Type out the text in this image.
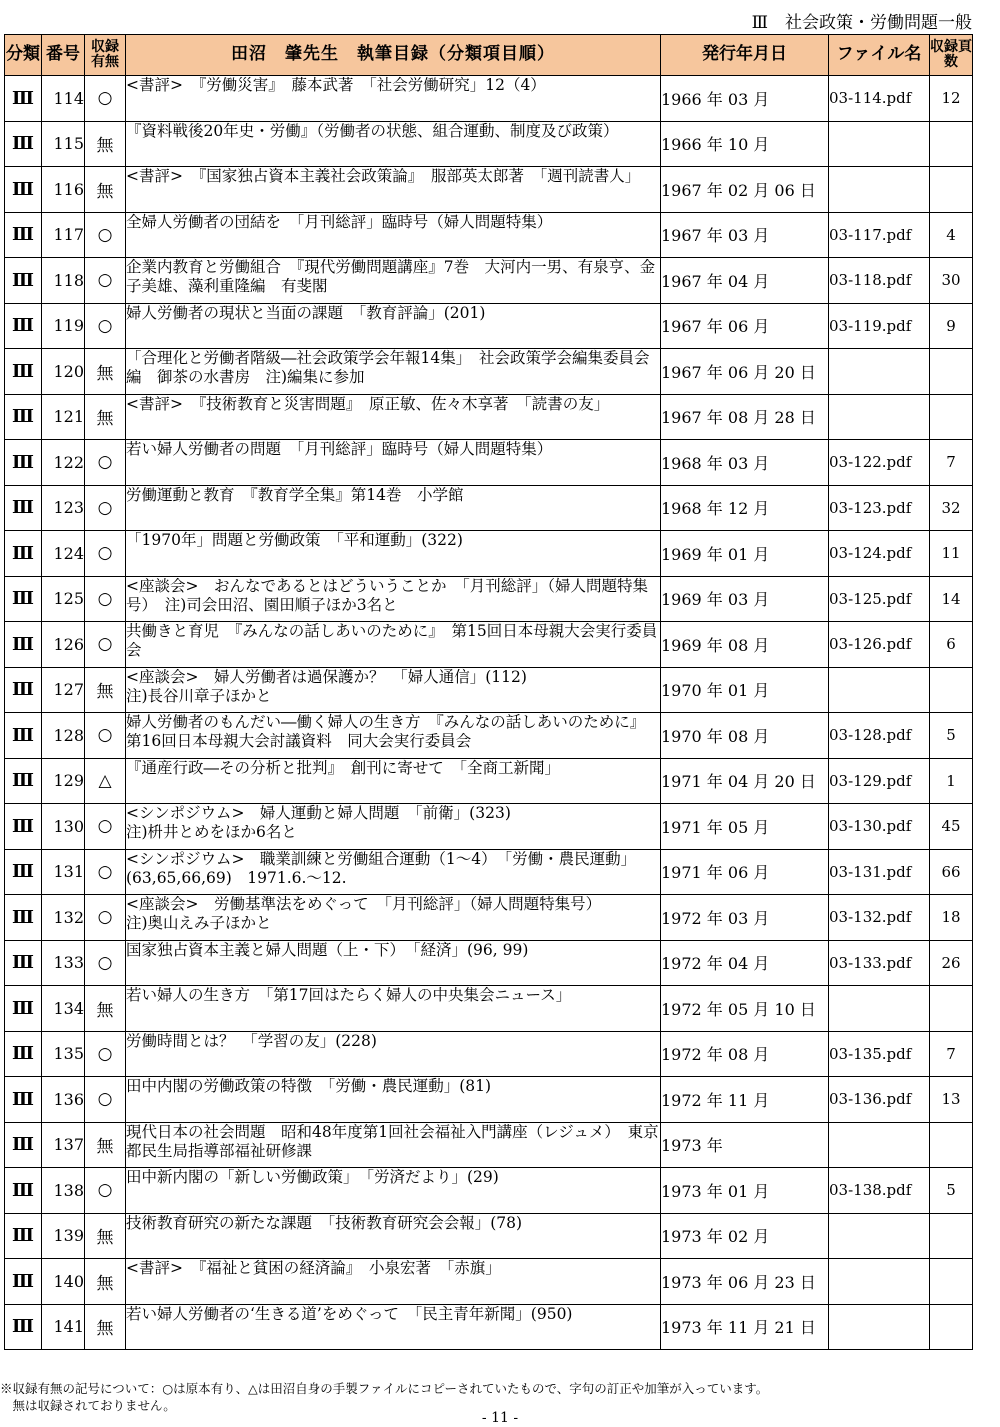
Ⅲ　社会政策・労働問題一般
分類	番号	収録有無	田沼　肇先生　執筆目録（分類項目順）	発行年月日	ファイル名	収録頁数
Ⅲ	114	○	<書評>　『労働災害』　藤本武著　「社会労働研究」12（4）	1966 年 03 月	03-114.pdf	12
Ⅲ	115	無	『資料戦後20年史・労働』（労働者の状態、組合運動、制度及び政策）	1966 年 10 月		
Ⅲ	116	無	<書評>　『国家独占資本主義社会政策論』　服部英太郎著　「週刊読書人」	1967 年 02 月 06 日		
Ⅲ	117	○	全婦人労働者の団結を　「月刊総評」臨時号（婦人問題特集）	1967 年 03 月	03-117.pdf	4
Ⅲ	118	○	企業内教育と労働組合　『現代労働問題講座』7巻　大河内一男、有泉亨、金子美雄、藻利重隆編　有斐閣	1967 年 04 月	03-118.pdf	30
Ⅲ	119	○	婦人労働者の現状と当面の課題　「教育評論」(201)	1967 年 06 月	03-119.pdf	9
Ⅲ	120	無	「合理化と労働者階級―社会政策学会年報14集」　社会政策学会編集委員会編　御茶の水書房　注)編集に参加	1967 年 06 月 20 日		
Ⅲ	121	無	<書評>　『技術教育と災害問題』　原正敏、佐々木享著　「読書の友」	1967 年 08 月 28 日		
Ⅲ	122	○	若い婦人労働者の問題　「月刊総評」臨時号（婦人問題特集）	1968 年 03 月	03-122.pdf	7
Ⅲ	123	○	労働運動と教育　『教育学全集』第14巻　小学館	1968 年 12 月	03-123.pdf	32
Ⅲ	124	○	「1970年」問題と労働政策　「平和運動」(322)	1969 年 01 月	03-124.pdf	11
Ⅲ	125	○	<座談会>　おんなであるとはどういうことか　「月刊総評」（婦人問題特集号）　注)司会田沼、園田順子ほか3名と	1969 年 03 月	03-125.pdf	14
Ⅲ	126	○	共働きと育児　『みんなの話しあいのために』　第15回日本母親大会実行委員会	1969 年 08 月	03-126.pdf	6
Ⅲ	127	無	<座談会>　婦人労働者は過保護か？　「婦人通信」(112)
注)長谷川章子ほかと	1970 年 01 月		
Ⅲ	128	○	婦人労働者のもんだい―働く婦人の生き方　『みんなの話しあいのために』　第16回日本母親大会討議資料　同大会実行委員会	1970 年 08 月	03-128.pdf	5
Ⅲ	129	△	『通産行政―その分析と批判』　創刊に寄せて　「全商工新聞」	1971 年 04 月 20 日	03-129.pdf	1
Ⅲ	130	○	<シンポジウム>　婦人運動と婦人問題　「前衛」(323)
注)枡井とめをほか6名と	1971 年 05 月	03-130.pdf	45
Ⅲ	131	○	<シンポジウム>　職業訓練と労働組合運動（1～4）　「労働・農民運動」(63,65,66,69)　1971.6.～12.	1971 年 06 月	03-131.pdf	66
Ⅲ	132	○	<座談会>　労働基準法をめぐって　「月刊総評」（婦人問題特集号）
注)奥山えみ子ほかと	1972 年 03 月	03-132.pdf	18
Ⅲ	133	○	国家独占資本主義と婦人問題（上・下）　「経済」(96, 99)	1972 年 04 月	03-133.pdf	26
Ⅲ	134	無	若い婦人の生き方　「第17回はたらく婦人の中央集会ニュース」	1972 年 05 月 10 日		
Ⅲ	135	○	労働時間とは？　「学習の友」(228)	1972 年 08 月	03-135.pdf	7
Ⅲ	136	○	田中内閣の労働政策の特徴　「労働・農民運動」(81)	1972 年 11 月	03-136.pdf	13
Ⅲ	137	無	現代日本の社会問題　昭和48年度第1回社会福祉入門講座（レジュメ）　東京都民生局指導部福祉研修課	1973 年		
Ⅲ	138	○	田中新内閣の「新しい労働政策」　「労済だより」(29)	1973 年 01 月	03-138.pdf	5
Ⅲ	139	無	技術教育研究の新たな課題　「技術教育研究会会報」(78)	1973 年 02 月		
Ⅲ	140	無	<書評>　『福祉と貧困の経済論』　小泉宏著　「赤旗」	1973 年 06 月 23 日		
Ⅲ	141	無	若い婦人労働者の‘生きる道’をめぐって　「民主青年新聞」(950)	1973 年 11 月 21 日		
※収録有無の記号について：○は原本有り、△は田沼自身の手製ファイルにコピーされていたもので、字句の訂正や加筆が入っています。
　無は収録されておりません。
- 11 -
